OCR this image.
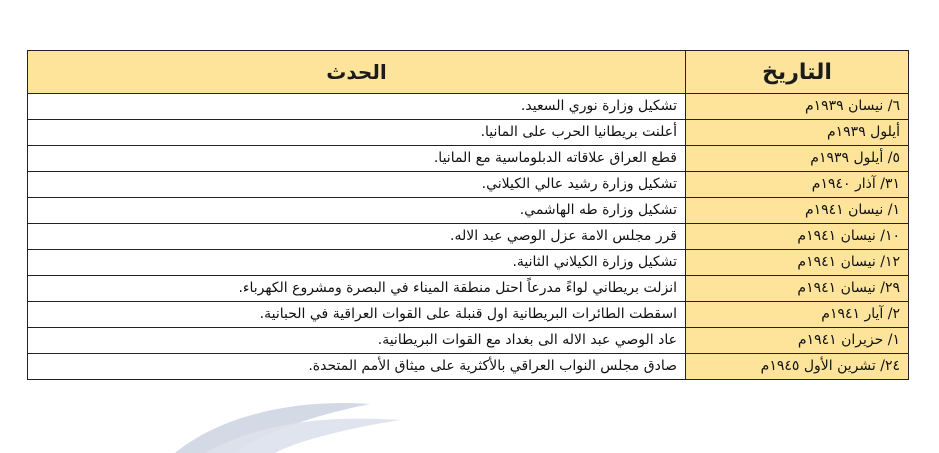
التاريخ	الحدث
٦/ نيسان ١٩٣٩م	تشكيل وزارة نوري السعيد.
أيلول ١٩٣٩م	أعلنت بريطانيا الحرب على المانيا.
٥/ أيلول ١٩٣٩م	قطع العراق علاقاته الدبلوماسية مع المانيا.
٣١/ آذار ١٩٤٠م	تشكيل وزارة رشيد عالي الكيلاني.
١/ نيسان ١٩٤١م	تشكيل وزارة طه الهاشمي.
١٠/ نيسان ١٩٤١م	قرر مجلس الامة عزل الوصي عبد الاله.
١٢/ نيسان ١٩٤١م	تشكيل وزارة الكيلاني الثانية.
٢٩/ نيسان ١٩٤١م	انزلت بريطاني لواءً مدرعاً احتل منطقة الميناء في البصرة ومشروع الكهرباء.
٢/ آيار ١٩٤١م	اسقطت الطائرات البريطانية اول قنبلة على القوات العراقية في الحبانية.
١/ حزيران ١٩٤١م	عاد الوصي عبد الاله الى بغداد مع القوات البريطانية.
٢٤/ تشرين الأول ١٩٤٥م	صادق مجلس النواب العراقي بالأكثرية على ميثاق الأمم المتحدة.
